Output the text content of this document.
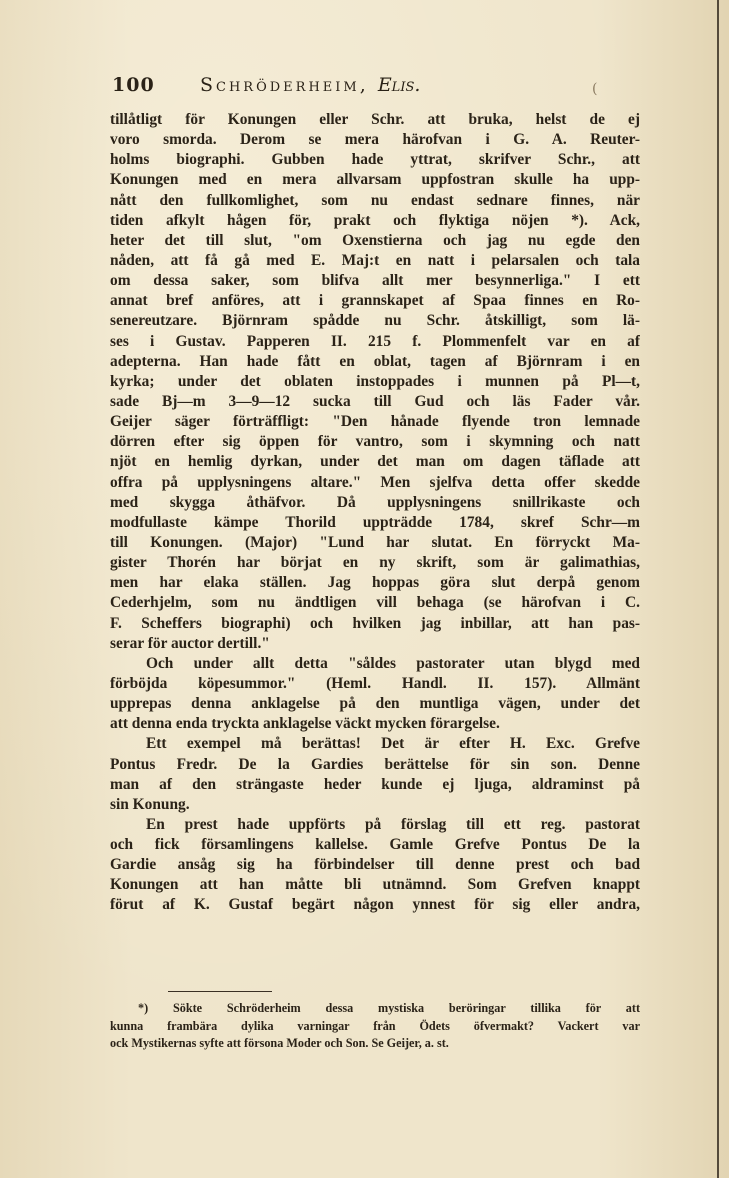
100 Schröderheim, Elis.	(
tillåtligt för Konungen eller Schr. att bruka, helst de ej
voro smorda. Derom se mera härofvan i G. A. Reuter-
holms biographi. Gubben hade yttrat, skrifver Schr., att
Konungen med en mera allvarsam uppfostran skulle ha upp-
nått den fullkomlighet, som nu endast sednare finnes, när
tiden afkylt hågen för, prakt och flyktiga nöjen *). Ack,
heter det till slut, "om Oxenstierna och jag nu egde den
nåden, att få gå med E. Maj:t en natt i pelarsalen och tala
om dessa saker, som blifva allt mer besynnerliga." I ett
annat bref anföres, att i grannskapet af Spaa finnes en Ro-
senereutzare. Björnram spådde nu Schr. åtskilligt, som lä-
ses i Gustav. Papperen II. 215 f. Plommenfelt var en af
adepterna. Han hade fått en oblat, tagen af Björnram i en
kyrka; under det oblaten instoppades i munnen på Pl—t,
sade Bj—m 3—9—12 sucka till Gud och läs Fader vår.
Geijer säger förträffligt: "Den hånade flyende tron lemnade
dörren efter sig öppen för vantro, som i skymning och natt
njöt en hemlig dyrkan, under det man om dagen täflade att
offra på upplysningens altare." Men sjelfva detta offer skedde
med skygga åthäfvor. Då upplysningens snillrikaste och
modfullaste kämpe Thorild uppträdde 1784, skref Schr—m
till Konungen. (Major) "Lund har slutat. En förryckt Ma-
gister Thorén har börjat en ny skrift, som är galimathias,
men har elaka ställen. Jag hoppas göra slut derpå genom
Cederhjelm, som nu ändtligen vill behaga (se härofvan i C.
F. Scheffers biographi) och hvilken jag inbillar, att han pas-
serar för auctor dertill."
Och under allt detta "såldes pastorater utan blygd med
förböjda köpesummor." (Heml. Handl. II. 157). Allmänt
upprepas denna anklagelse på den muntliga vägen, under det
att denna enda tryckta anklagelse väckt mycken förargelse.
Ett exempel må berättas! Det är efter H. Exc. Grefve
Pontus Fredr. De la Gardies berättelse för sin son. Denne
man af den strängaste heder kunde ej ljuga, aldraminst på
sin Konung.
En prest hade uppförts på förslag till ett reg. pastorat
och fick församlingens kallelse. Gamle Grefve Pontus De la
Gardie ansåg sig ha förbindelser till denne prest och bad
Konungen att han måtte bli utnämnd. Som Grefven knappt
förut af K. Gustaf begärt någon ynnest för sig eller andra,
*) Sökte Schröderheim dessa mystiska beröringar tillika för att
kunna frambära dylika varningar från Ödets öfvermakt? Vackert var
ock Mystikernas syfte att försona Moder och Son. Se Geijer, a. st.
